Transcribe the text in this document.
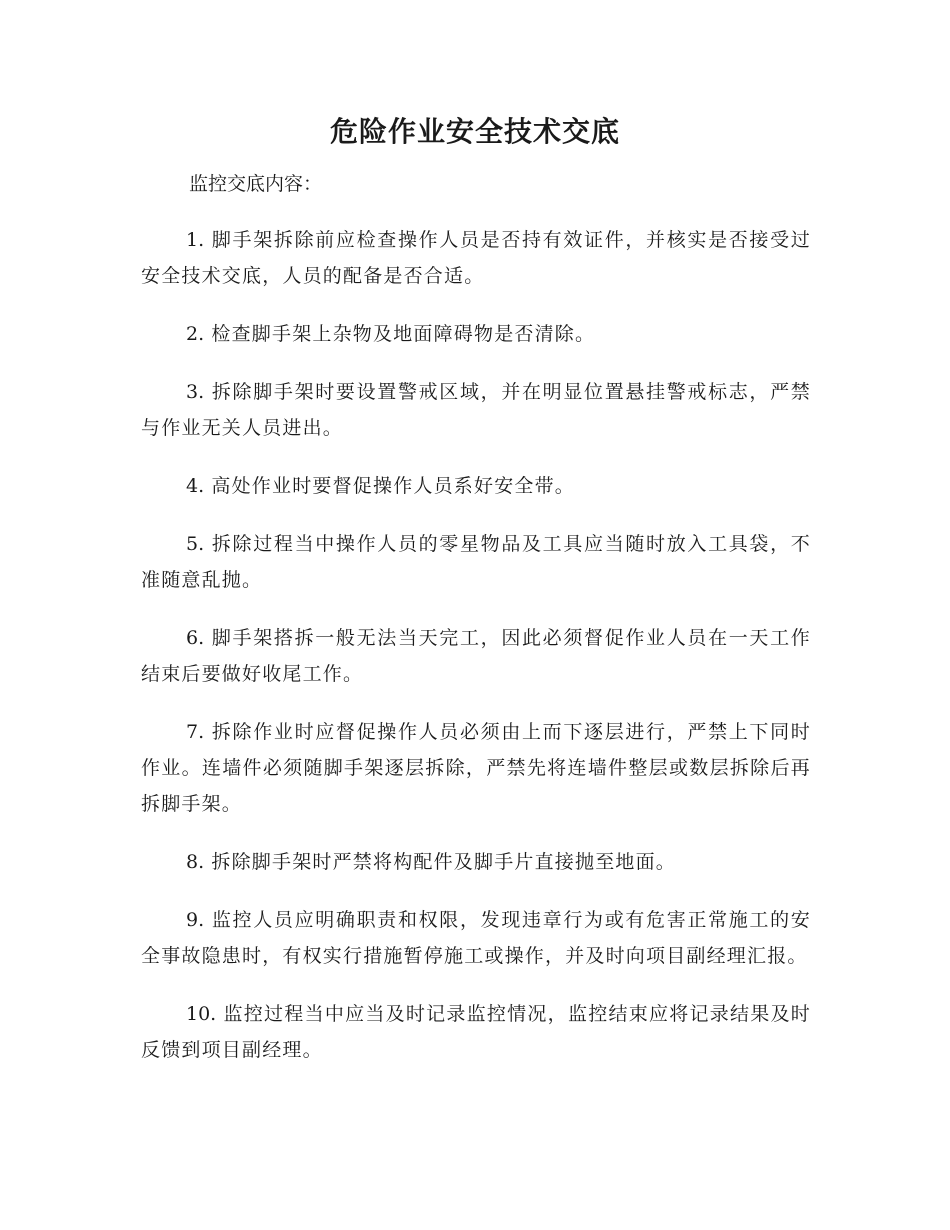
危险作业安全技术交底

监控交底内容：

1. 脚手架拆除前应检查操作人员是否持有效证件，并核实是否接受过安全技术交底，人员的配备是否合适。

2. 检查脚手架上杂物及地面障碍物是否清除。

3. 拆除脚手架时要设置警戒区域，并在明显位置悬挂警戒标志，严禁与作业无关人员进出。

4. 高处作业时要督促操作人员系好安全带。

5. 拆除过程当中操作人员的零星物品及工具应当随时放入工具袋，不准随意乱抛。

6. 脚手架搭拆一般无法当天完工，因此必须督促作业人员在一天工作结束后要做好收尾工作。

7. 拆除作业时应督促操作人员必须由上而下逐层进行，严禁上下同时作业。连墙件必须随脚手架逐层拆除，严禁先将连墙件整层或数层拆除后再拆脚手架。

8. 拆除脚手架时严禁将构配件及脚手片直接抛至地面。

9. 监控人员应明确职责和权限，发现违章行为或有危害正常施工的安全事故隐患时，有权实行措施暂停施工或操作，并及时向项目副经理汇报。

10. 监控过程当中应当及时记录监控情况，监控结束应将记录结果及时反馈到项目副经理。
